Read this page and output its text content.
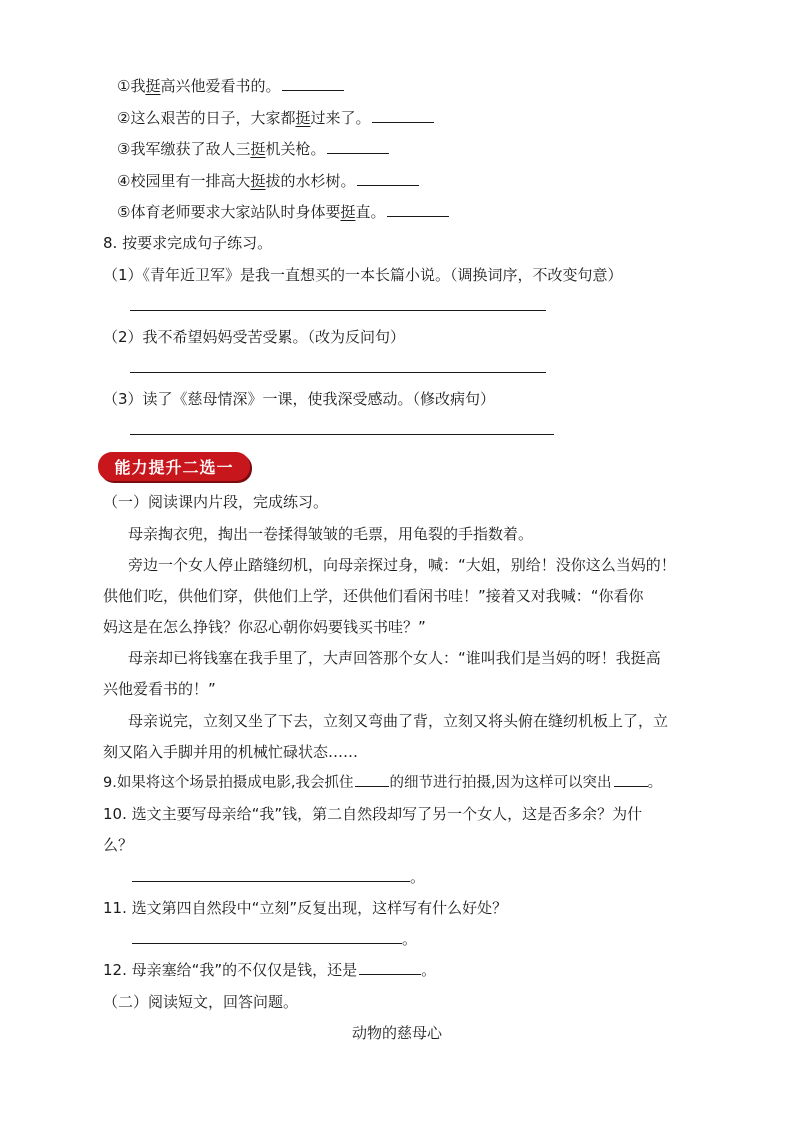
①我挺高兴他爱看书的。
②这么艰苦的日子，大家都挺过来了。
③我军缴获了敌人三挺机关枪。
④校园里有一排高大挺拔的水杉树。
⑤体育老师要求大家站队时身体要挺直。
8. 按要求完成句子练习。
（1）《青年近卫军》是我一直想买的一本长篇小说。（调换词序，不改变句意）
（2）我不希望妈妈受苦受累。（改为反问句）
（3）读了《慈母情深》一课，使我深受感动。（修改病句）
能力提升二选一
（一）阅读课内片段，完成练习。
母亲掏衣兜，掏出一卷揉得皱皱的毛票，用龟裂的手指数着。
旁边一个女人停止踏缝纫机，向母亲探过身，喊：“大姐，别给！没你这么当妈的！
供他们吃，供他们穿，供他们上学，还供他们看闲书哇！”接着又对我喊：“你看你
妈这是在怎么挣钱？你忍心朝你妈要钱买书哇？”
母亲却已将钱塞在我手里了，大声回答那个女人：“谁叫我们是当妈的呀！我挺高
兴他爱看书的！”
母亲说完，立刻又坐了下去，立刻又弯曲了背，立刻又将头俯在缝纫机板上了，立
刻又陷入手脚并用的机械忙碌状态……
9.如果将这个场景拍摄成电影,我会抓住 的细节进行拍摄,因为这样可以突出 。
10. 选文主要写母亲给“我”钱，第二自然段却写了另一个女人，这是否多余？为什
么？
。
11. 选文第四自然段中“立刻”反复出现，这样写有什么好处？
。
12. 母亲塞给“我”的不仅仅是钱，还是	。
（二）阅读短文，回答问题。
动物的慈母心
